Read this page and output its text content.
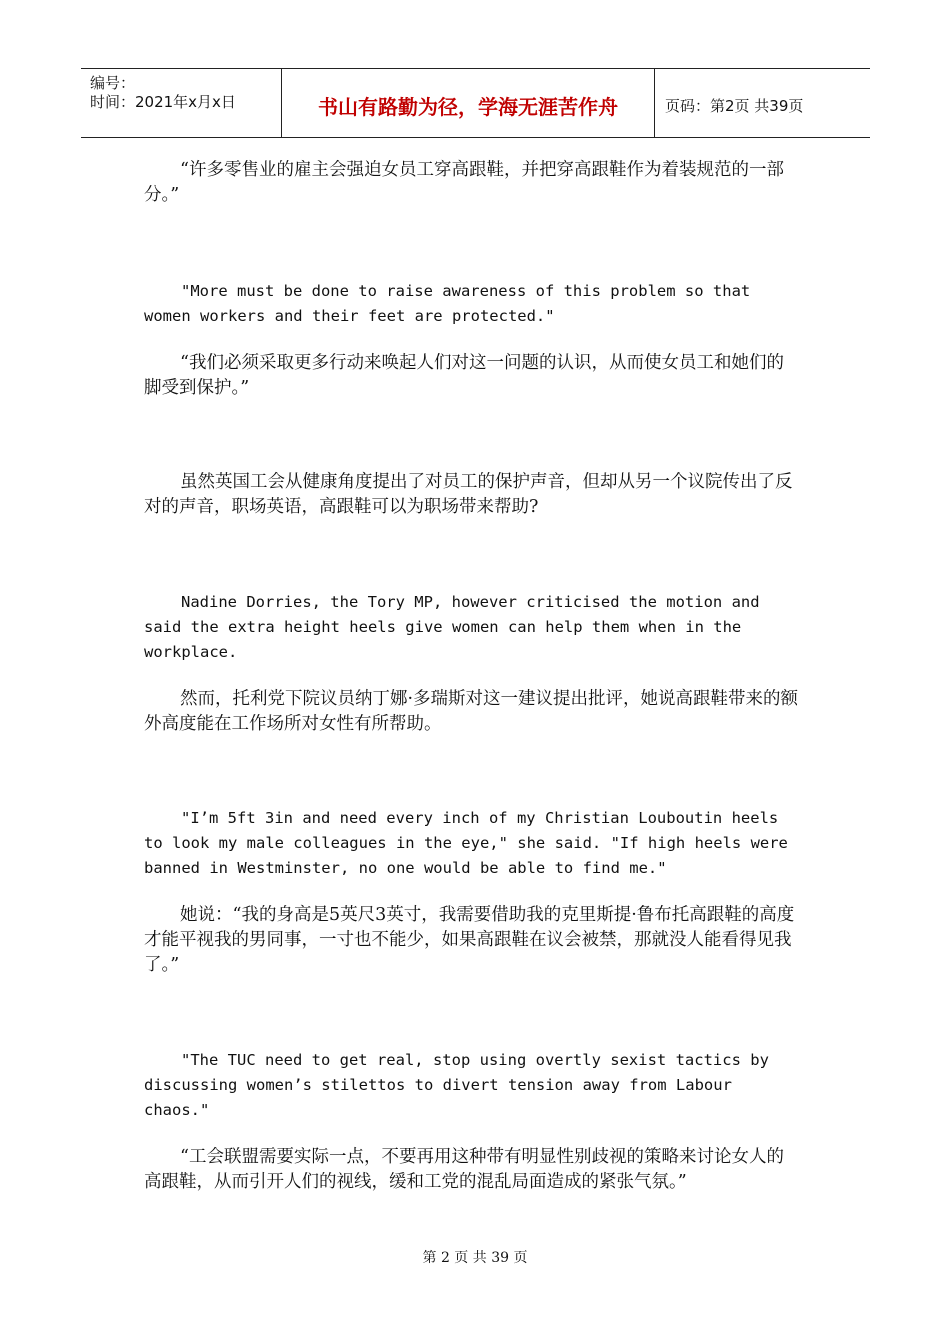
编号：
时间：2021年x月x日	书山有路勤为径，学海无涯苦作舟	页码：第2页 共39页
“许多零售业的雇主会强迫女员工穿高跟鞋，并把穿高跟鞋作为着装规范的一部分。”
"More must be done to raise awareness of this problem so that women workers and their feet are protected."
“我们必须采取更多行动来唤起人们对这一问题的认识，从而使女员工和她们的脚受到保护。”
虽然英国工会从健康角度提出了对员工的保护声音，但却从另一个议院传出了反对的声音，职场英语，高跟鞋可以为职场带来帮助?
Nadine Dorries, the Tory MP, however criticised the motion and said the extra height heels give women can help them when in the workplace.
然而，托利党下院议员纳丁娜·多瑞斯对这一建议提出批评，她说高跟鞋带来的额外高度能在工作场所对女性有所帮助。
"I’m 5ft 3in and need every inch of my Christian Louboutin heels to look my male colleagues in the eye," she said. "If high heels were banned in Westminster, no one would be able to find me."
她说：“我的身高是5英尺3英寸，我需要借助我的克里斯提·鲁布托高跟鞋的高度才能平视我的男同事，一寸也不能少，如果高跟鞋在议会被禁，那就没人能看得见我了。”
"The TUC need to get real, stop using overtly sexist tactics by discussing women’s stilettos to divert tension away from Labour chaos."
“工会联盟需要实际一点，不要再用这种带有明显性别歧视的策略来讨论女人的高跟鞋，从而引开人们的视线，缓和工党的混乱局面造成的紧张气氛。”
第 2 页 共 39 页
